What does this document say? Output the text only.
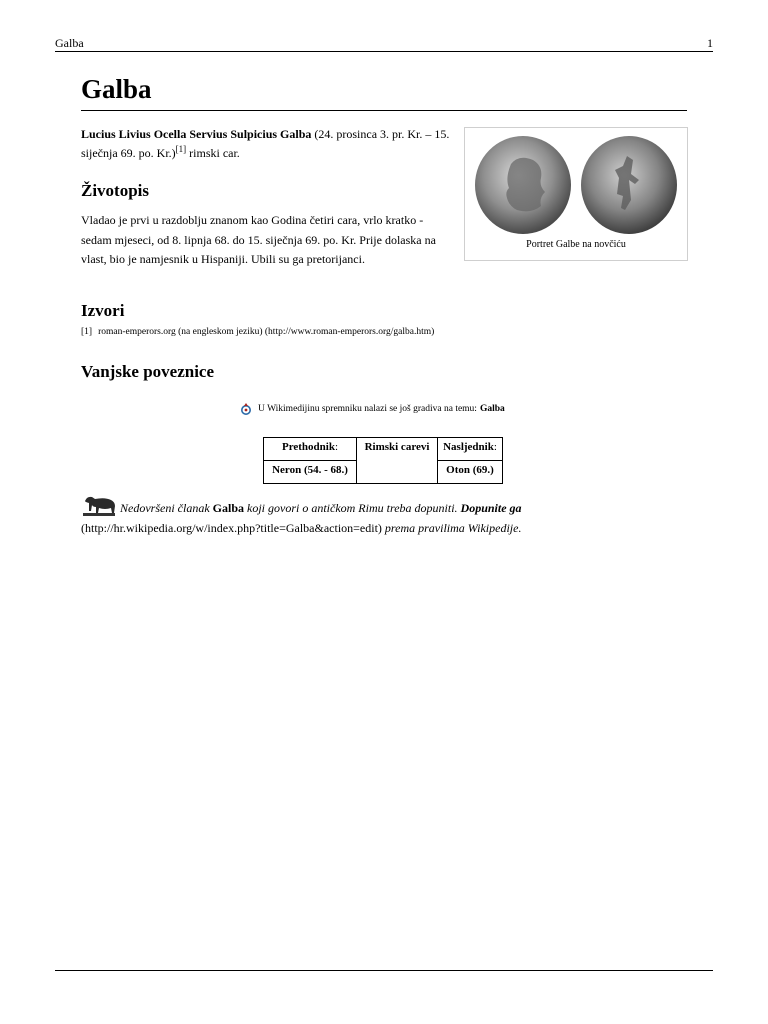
Galba	1
Galba

Lucius Livius Ocella Servius Sulpicius Galba (24. prosinca 3. pr. Kr. – 15. siječnja 69. po. Kr.)[1] rimski car.

Portret Galbe na novčiću
Životopis

Vladao je prvi u razdoblju znanom kao Godina četiri cara, vrlo kratko - sedam mjeseci, od 8. lipnja 68. do 15. siječnja 69. po. Kr. Prije dolaska na vlast, bio je namjesnik u Hispaniji. Ubili su ga pretorijanci.

Izvori
[1] roman-emperors.org (na engleskom jeziku) (http://www.roman-emperors.org/galba.htm)
Vanjske poveznice
U Wikimedijinu spremniku nalazi se još gradiva na temu: Galba
Prethodnik:	Rimski carevi	Nasljednik:
Neron (54. - 68.)		Oton (69.)
Nedovršeni članak Galba koji govori o antičkom Rimu treba dopuniti. Dopunite ga (http://hr.wikipedia.org/w/index.php?title=Galba&action=edit) prema pravilima Wikipedije.
